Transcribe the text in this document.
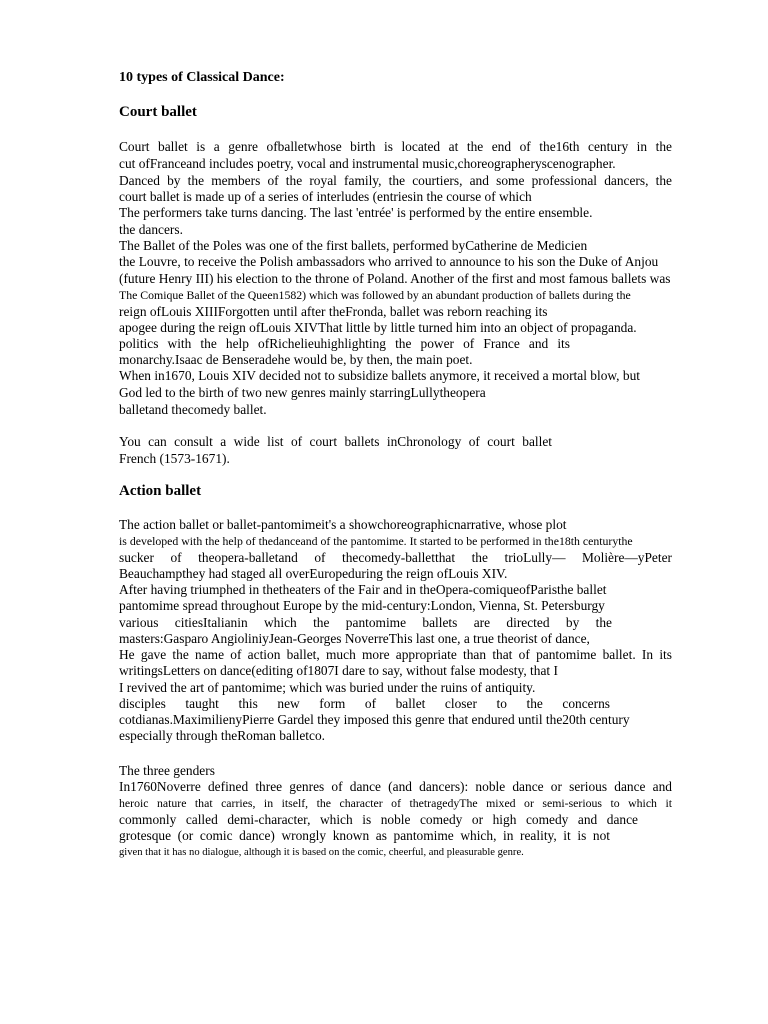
10 types of Classical Dance:
Court ballet
Court ballet is a genre ofballetwhose birth is located at the end of the16th century in the
cut ofFranceand includes poetry, vocal and instrumental music,choreographeryscenographer.
Danced by the members of the royal family, the courtiers, and some professional dancers, the
court ballet is made up of a series of interludes (entriesin the course of which
The performers take turns dancing. The last 'entrée' is performed by the entire ensemble.
the dancers.
The Ballet of the Poles was one of the first ballets, performed byCatherine de Medicien
the Louvre, to receive the Polish ambassadors who arrived to announce to his son the Duke of Anjou
(future Henry III) his election to the throne of Poland. Another of the first and most famous ballets was
The Comique Ballet of the Queen1582) which was followed by an abundant production of ballets during the
reign ofLouis XIIIForgotten until after theFronda, ballet was reborn reaching its
apogee during the reign ofLouis XIVThat little by little turned him into an object of propaganda.
politics with the help ofRichelieuhighlighting the power of France and its
monarchy.Isaac de Benseradehe would be, by then, the main poet.
When in1670, Louis XIV decided not to subsidize ballets anymore, it received a mortal blow, but
God led to the birth of two new genres mainly starringLullytheopera
balletand thecomedy ballet.
You can consult a wide list of court ballets inChronology of court ballet
French (1573-1671).
Action ballet
The action ballet or ballet-pantomimeit's a showchoreographicnarrative, whose plot
is developed with the help of thedanceand of the pantomime. It started to be performed in the18th centurythe
sucker of theopera-balletand of thecomedy-balletthat the trioLully— Molière—yPeter
Beauchampthey had staged all overEuropeduring the reign ofLouis XIV.
After having triumphed in thetheaters of the Fair and in theOpera-comiqueofParisthe ballet
pantomime spread throughout Europe by the mid-century:London, Vienna, St. Petersburgy
various citiesItalianin which the pantomime ballets are directed by the
masters:Gasparo AngioliniyJean-Georges NoverreThis last one, a true theorist of dance,
He gave the name of action ballet, much more appropriate than that of pantomime ballet. In its
writingsLetters on dance(editing of1807I dare to say, without false modesty, that I
I revived the art of pantomime; which was buried under the ruins of antiquity.
disciples taught this new form of ballet closer to the concerns
cotdianas.MaximilienyPierre Gardel they imposed this genre that endured until the20th century
especially through theRoman balletco.
The three genders
In1760Noverre defined three genres of dance (and dancers): noble dance or serious dance and
heroic nature that carries, in itself, the character of thetragedyThe mixed or semi-serious to which it
commonly called demi-character, which is noble comedy or high comedy and dance
grotesque (or comic dance) wrongly known as pantomime which, in reality, it is not
given that it has no dialogue, although it is based on the comic, cheerful, and pleasurable genre.
